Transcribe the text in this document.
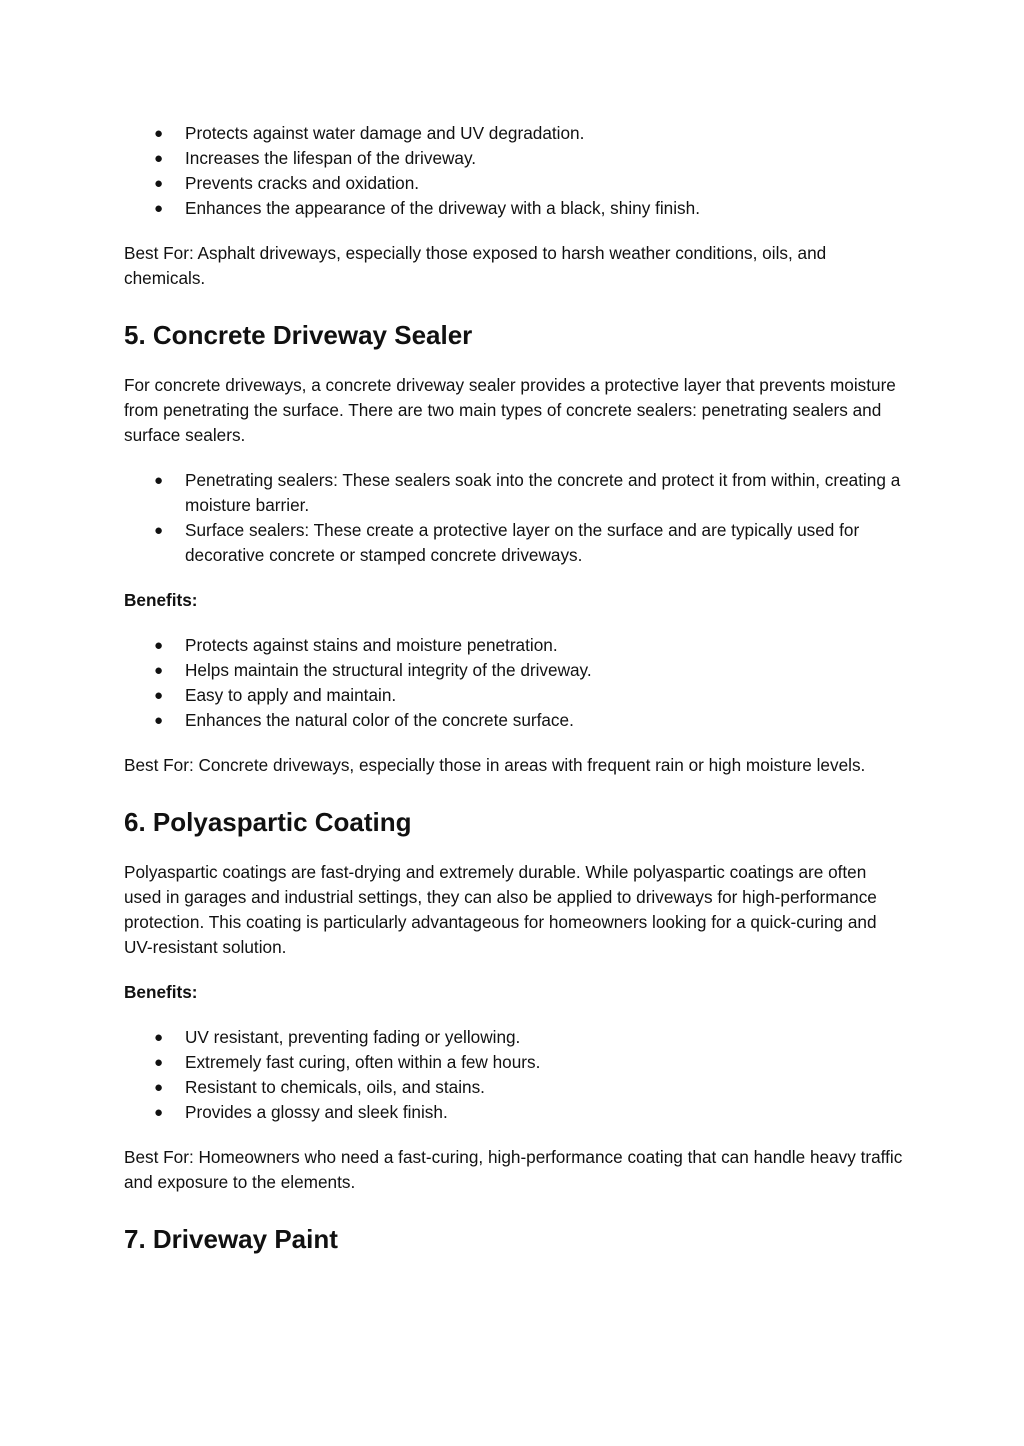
● Protects against water damage and UV degradation.
● Increases the lifespan of the driveway.
● Prevents cracks and oxidation.
● Enhances the appearance of the driveway with a black, shiny finish.

Best For: Asphalt driveways, especially those exposed to harsh weather conditions, oils, and chemicals.

5. Concrete Driveway Sealer

For concrete driveways, a concrete driveway sealer provides a protective layer that prevents moisture from penetrating the surface. There are two main types of concrete sealers: penetrating sealers and surface sealers.

● Penetrating sealers: These sealers soak into the concrete and protect it from within, creating a moisture barrier.
● Surface sealers: These create a protective layer on the surface and are typically used for decorative concrete or stamped concrete driveways.

Benefits:

● Protects against stains and moisture penetration.
● Helps maintain the structural integrity of the driveway.
● Easy to apply and maintain.
● Enhances the natural color of the concrete surface.

Best For: Concrete driveways, especially those in areas with frequent rain or high moisture levels.

6. Polyaspartic Coating

Polyaspartic coatings are fast-drying and extremely durable. While polyaspartic coatings are often used in garages and industrial settings, they can also be applied to driveways for high-performance protection. This coating is particularly advantageous for homeowners looking for a quick-curing and UV-resistant solution.

Benefits:

● UV resistant, preventing fading or yellowing.
● Extremely fast curing, often within a few hours.
● Resistant to chemicals, oils, and stains.
● Provides a glossy and sleek finish.

Best For: Homeowners who need a fast-curing, high-performance coating that can handle heavy traffic and exposure to the elements.

7. Driveway Paint
